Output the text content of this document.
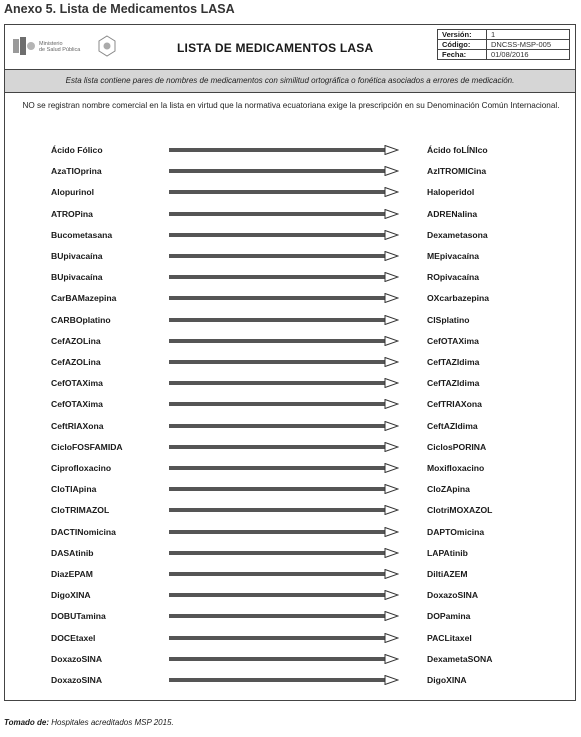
Anexo 5. Lista de Medicamentos LASA
Ministerio
de Salud Pública	LISTA DE MEDICAMENTOS LASA
Versión:	1
Código:	DNCSS-MSP-005
Fecha:	01/08/2016
Esta lista contiene pares de nombres de medicamentos con similitud ortográfica o fonética asociados a errores de medicación.
NO se registran nombre comercial en la lista en virtud que la normativa ecuatoriana exige la prescripción en su Denominación Común Internacional.
Ácido Fólico	Ácido foLÍNIco
AzaTIOprina	AzITROMICina
Alopurinol	Haloperidol
ATROPina	ADRENalina
Bucometasana	Dexametasona
BUpivacaína	MEpivacaína
BUpivacaína	ROpivacaína
CarBAMazepina	OXcarbazepina
CARBOplatino	CISplatino
CefAZOLina	CefOTAXima
CefAZOLina	CefTAZIdima
CefOTAXima	CefTAZIdima
CefOTAXima	CefTRIAXona
CeftRIAXona	CeftAZIdima
CicloFOSFAMIDA	CiclosPORINA
Ciprofloxacino	Moxifloxacino
CloTIApina	CloZApina
CloTRIMAZOL	ClotriMOXAZOL
DACTINomicina	DAPTOmicina
DASAtinib	LAPAtinib
DiazEPAM	DiltiAZEM
DigoXINA	DoxazoSINA
DOBUTamina	DOPamina
DOCEtaxel	PACLitaxel
DoxazoSINA	DexametaSONA
DoxazoSINA	DigoXINA
Tomado de: Hospitales acreditados MSP 2015.
